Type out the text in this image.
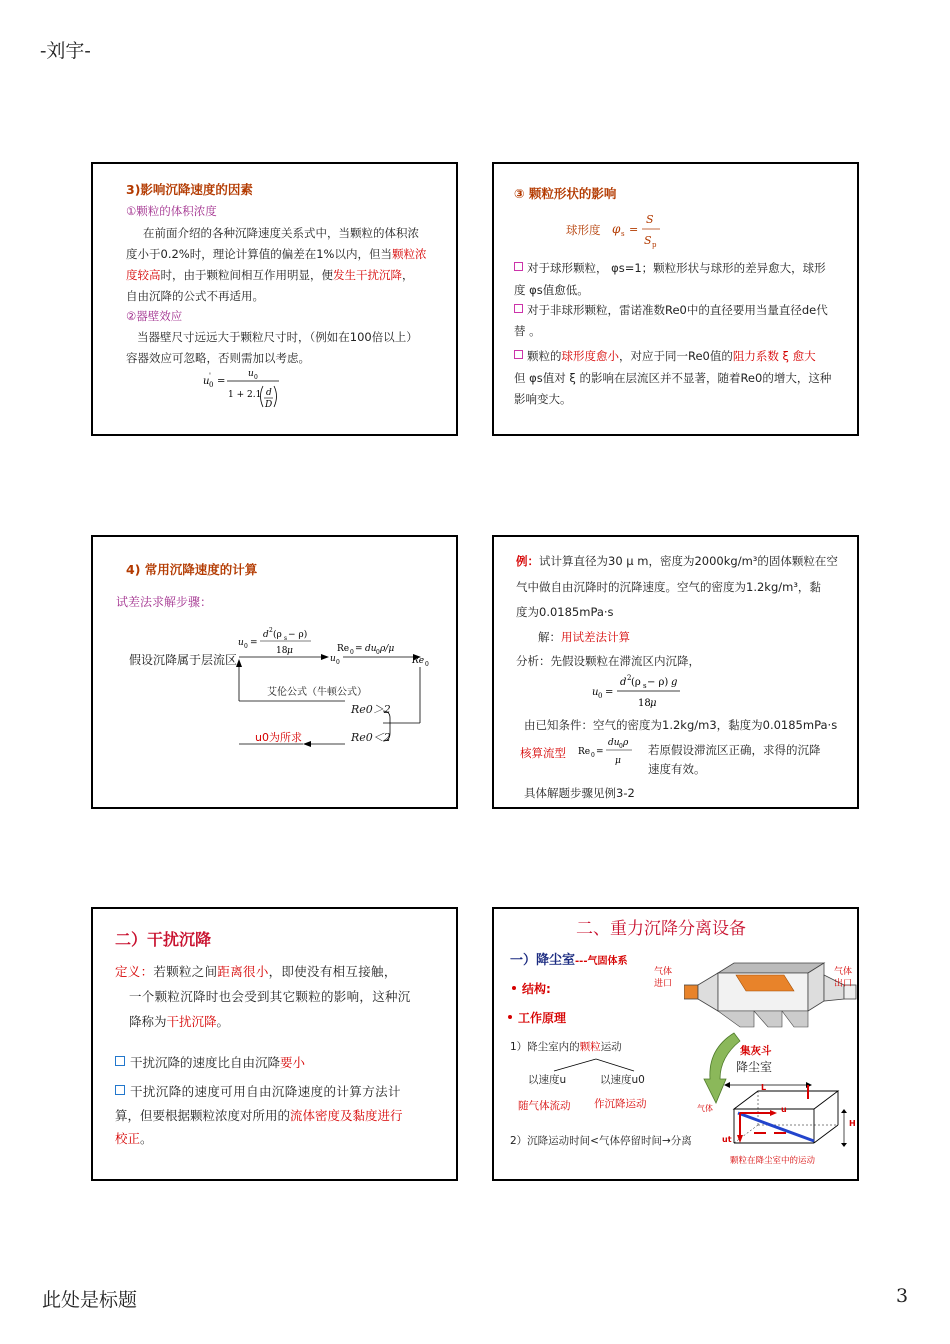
-刘宇-
3)影响沉降速度的因素
①颗粒的体积浓度
在前面介绍的各种沉降速度关系式中，当颗粒的体积浓
度小于0.2%时，理论计算值的偏差在1%以内，但当颗粒浓
度较高时，由于颗粒间相互作用明显，便发生干扰沉降，
自由沉降的公式不再适用。
②器壁效应
当器壁尺寸远远大于颗粒尺寸时，（例如在100倍以上）
容器效应可忽略，否则需加以考虑。
u 0
' =
u 0
1 + 2.1 d
D
③ 颗粒形状的影响
球形度 φ s =
S
S p
对于球形颗粒， φs=1；颗粒形状与球形的差异愈大，球形
度 φs值愈低。
对于非球形颗粒，雷诺准数Re0中的直径要用当量直径de代
替 。
颗粒的球形度愈小，对应于同一Re0值的阻力系数 ξ 愈大
但 φs值对 ξ 的影响在层流区并不显著，随着Re0的增大，这种
影响变大。
4) 常用沉降速度的计算
试差法求解步骤：
假设沉降属于层流区
u 0 =
d 2 (ρ s − ρ)
18 μ
u 0
Re 0 = du 0 ρ/μ
Re 0
艾伦公式（牛顿公式）
Re0＞2
u0为所求	Re0＜2
例：试计算直径为30 μ m，密度为2000kg/m³的固体颗粒在空
气中做自由沉降时的沉降速度。空气的密度为1.2kg/m³，黏
度为0.0185mPa·s
解：用试差法计算
分析：先假设颗粒在滞流区内沉降，
u 0 =
d 2 (ρ s − ρ) g
18 μ
由已知条件：空气的密度为1.2kg/m3，黏度为0.0185mPa·s
核算流型 Re 0 =
du 0 ρ
μ
若原假设滞流区正确，求得的沉降
速度有效。
具体解题步骤见例3-2
二）干扰沉降
定义：若颗粒之间距离很小，即使没有相互接触，
一个颗粒沉降时也会受到其它颗粒的影响，这种沉
降称为干扰沉降。
干扰沉降的速度比自由沉降要小
干扰沉降的速度可用自由沉降速度的计算方法计
算，但要根据颗粒浓度对所用的流体密度及黏度进行
校正。
二、重力沉降分离设备
一）降尘室---气固体系
结构:
工作原理
1）降尘室内的颗粒运动
以速度u	以速度u0
随气体流动 作沉降运动
2）沉降运动时间<气体停留时间→分离
气体
进口
气体
出口
集灰斗
降尘室
L
u
气体
ut
H
颗粒在降尘室中的运动
此处是标题	3
